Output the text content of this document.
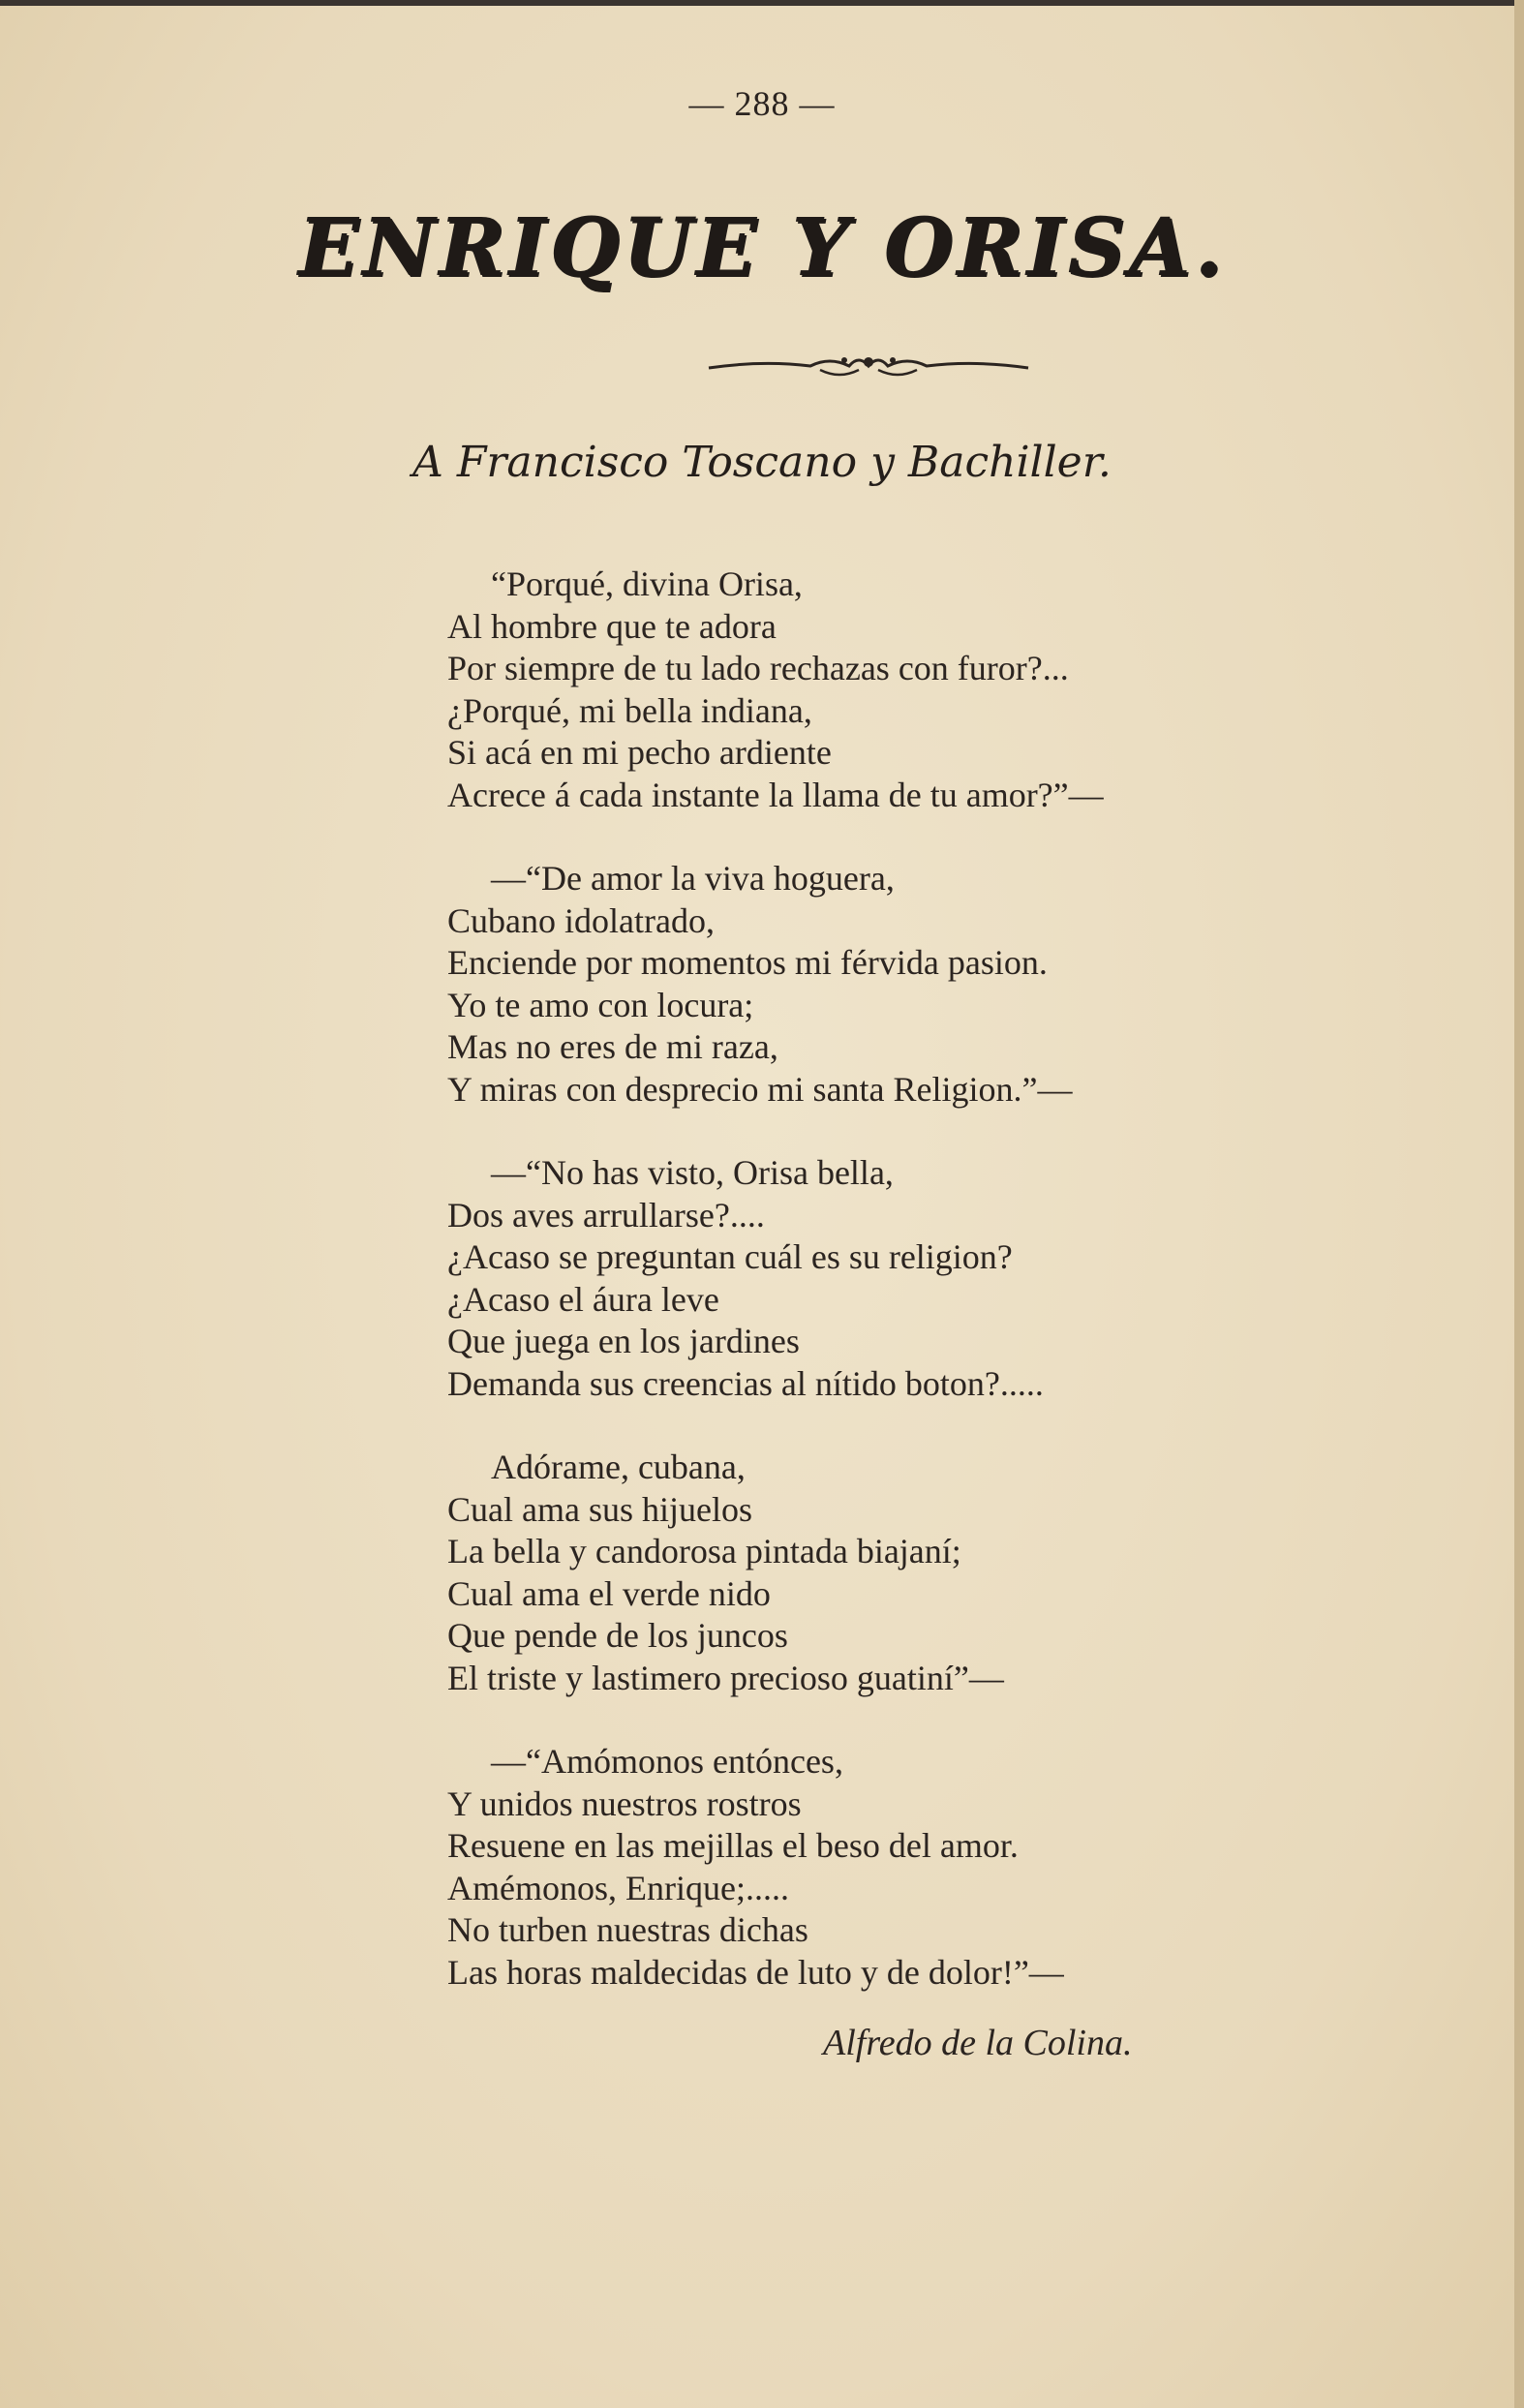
— 288 —
ENRIQUE Y ORISA.
A Francisco Toscano y Bachiller.
“Porqué, divina Orisa,
Al hombre que te adora
Por siempre de tu lado rechazas con furor?...
¿Porqué, mi bella indiana,
Si acá en mi pecho ardiente
Acrece á cada instante la llama de tu amor?”—
—“De amor la viva hoguera,
Cubano idolatrado,
Enciende por momentos mi férvida pasion.
Yo te amo con locura;
Mas no eres de mi raza,
Y miras con desprecio mi santa Religion.”—
—“No has visto, Orisa bella,
Dos aves arrullarse?....
¿Acaso se preguntan cuál es su religion?
¿Acaso el áura leve
Que juega en los jardines
Demanda sus creencias al nítido boton?.....
Adórame, cubana,
Cual ama sus hijuelos
La bella y candorosa pintada biajaní;
Cual ama el verde nido
Que pende de los juncos
El triste y lastimero precioso guatiní”—
—“Amómonos entónces,
Y unidos nuestros rostros
Resuene en las mejillas el beso del amor.
Amémonos, Enrique;.....
No turben nuestras dichas
Las horas maldecidas de luto y de dolor!”—
Alfredo de la Colina.
